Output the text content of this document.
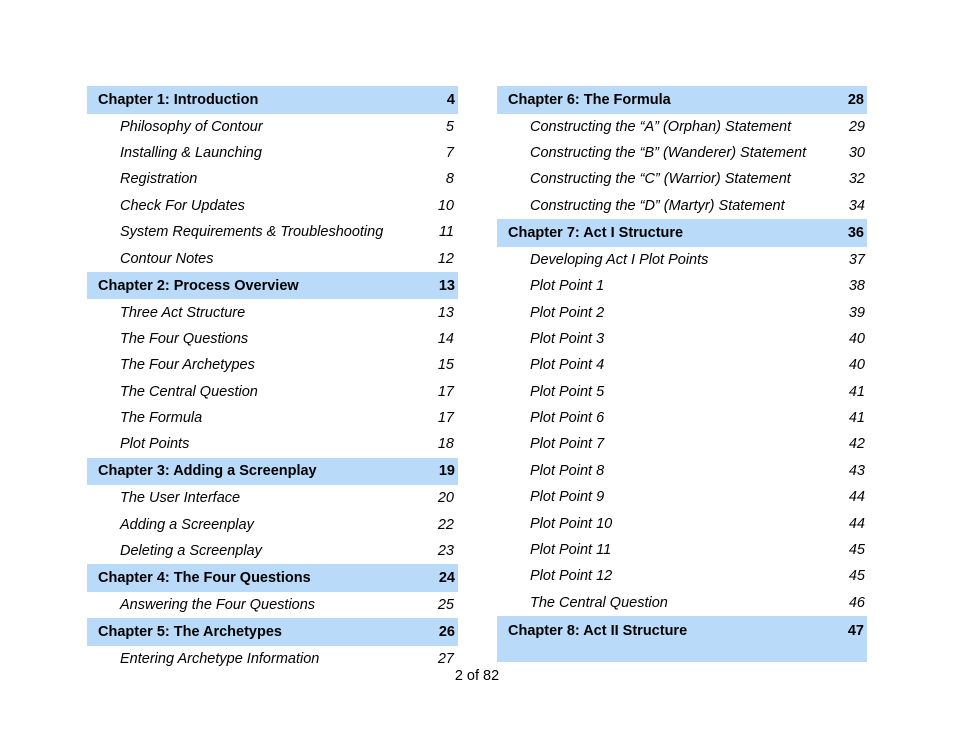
Chapter 1: Introduction	4
Philosophy of Contour	5
Installing & Launching	7
Registration	8
Check For Updates	10
System Requirements & Troubleshooting	11
Contour Notes	12
Chapter 2: Process Overview	13
Three Act Structure	13
The Four Questions	14
The Four Archetypes	15
The Central Question	17
The Formula	17
Plot Points	18
Chapter 3: Adding a Screenplay	19
The User Interface	20
Adding a Screenplay	22
Deleting a Screenplay	23
Chapter 4: The Four Questions	24
Answering the Four Questions	25
Chapter 5: The Archetypes	26
Entering Archetype Information	27
Chapter 6: The Formula	28
Constructing the “A” (Orphan) Statement	29
Constructing the “B” (Wanderer) Statement	30
Constructing the “C” (Warrior) Statement	32
Constructing the “D” (Martyr) Statement	34
Chapter 7: Act I Structure	36
Developing Act I Plot Points	37
Plot Point 1	38
Plot Point 2	39
Plot Point 3	40
Plot Point 4	40
Plot Point 5	41
Plot Point 6	41
Plot Point 7	42
Plot Point 8	43
Plot Point 9	44
Plot Point 10	44
Plot Point 11	45
Plot Point 12	45
The Central Question	46
Chapter 8: Act II Structure	47
2 of 82
